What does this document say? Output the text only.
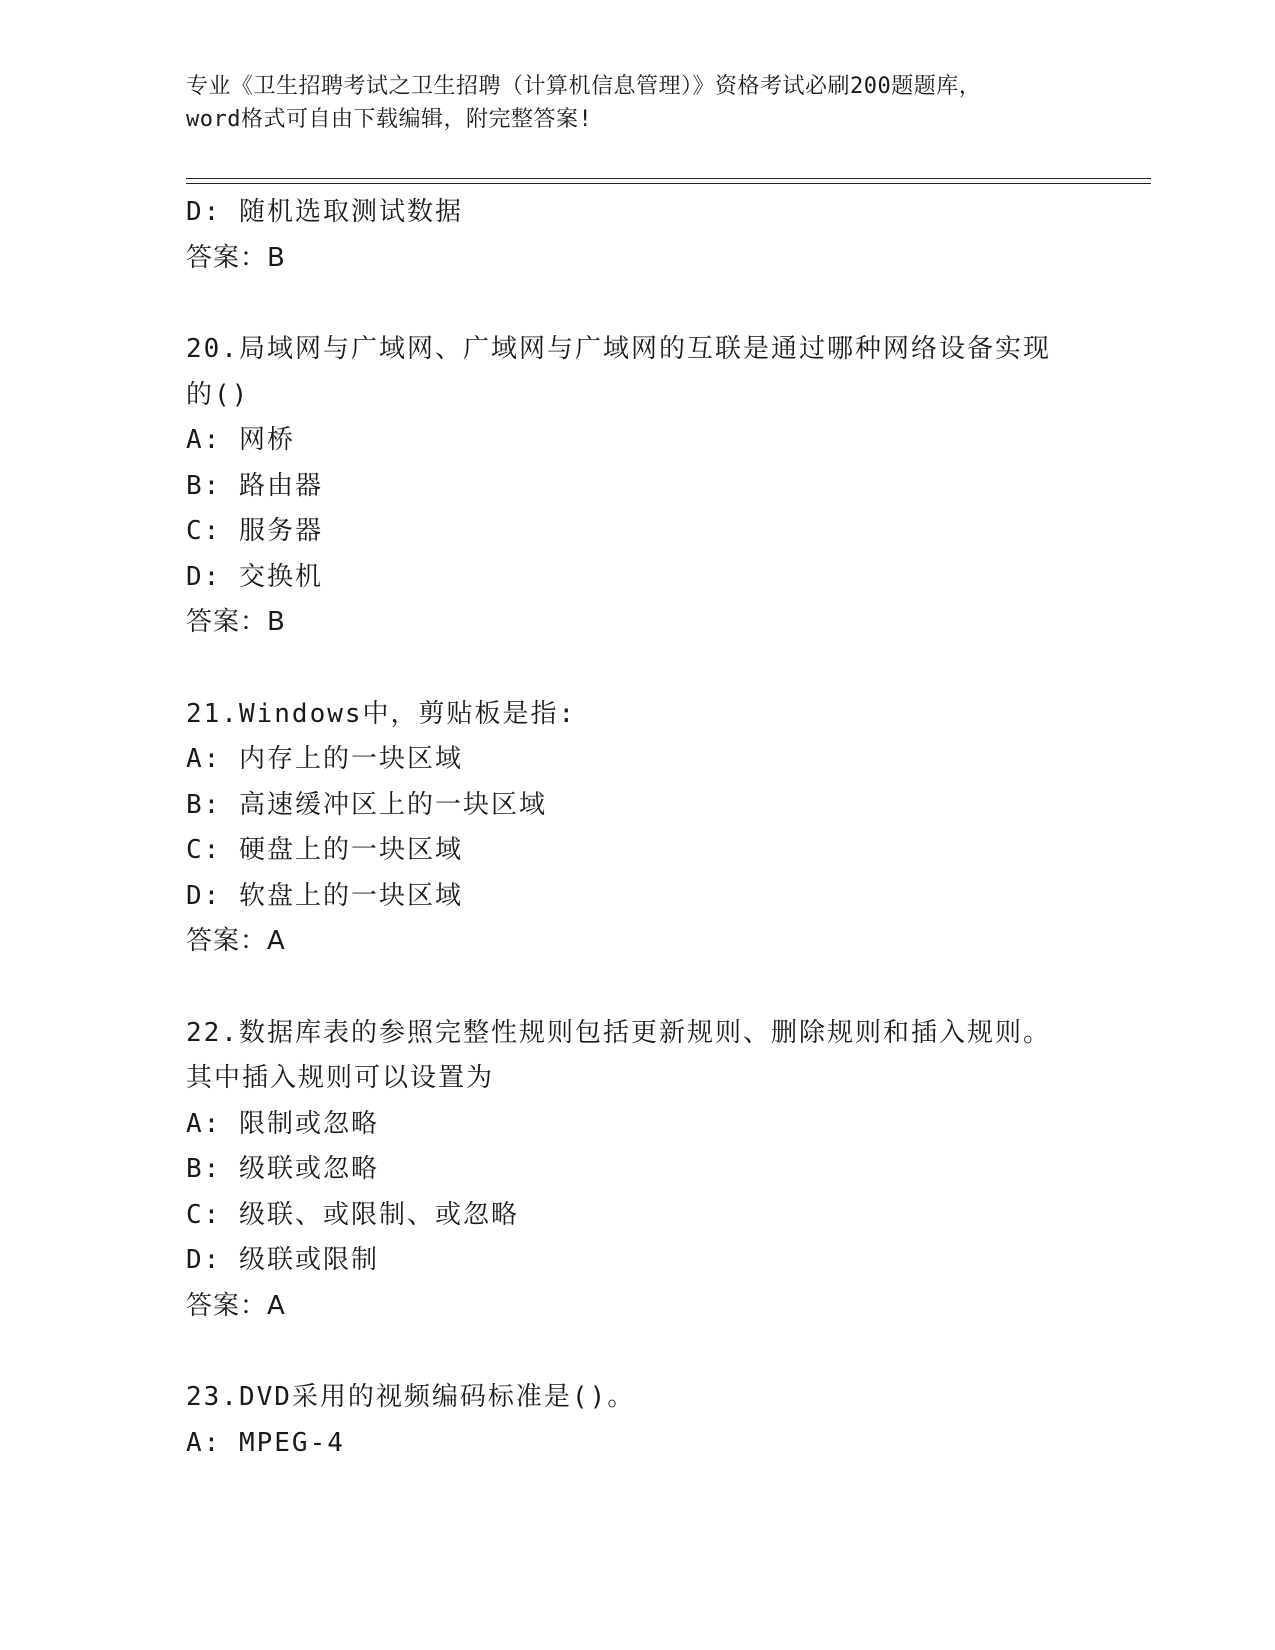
专业《卫生招聘考试之卫生招聘（计算机信息管理）》资格考试必刷200题题库，
word格式可自由下载编辑，附完整答案!
D: 随机选取测试数据
答案：B
20.局域网与广域网、广域网与广域网的互联是通过哪种网络设备实现
的()
A: 网桥
B: 路由器
C: 服务器
D: 交换机
答案：B
21.Windows中，剪贴板是指:
A: 内存上的一块区域
B: 高速缓冲区上的一块区域
C: 硬盘上的一块区域
D: 软盘上的一块区域
答案：A
22.数据库表的参照完整性规则包括更新规则、删除规则和插入规则。
其中插入规则可以设置为
A: 限制或忽略
B: 级联或忽略
C: 级联、或限制、或忽略
D: 级联或限制
答案：A
23.DVD采用的视频编码标准是()。
A: MPEG-4
